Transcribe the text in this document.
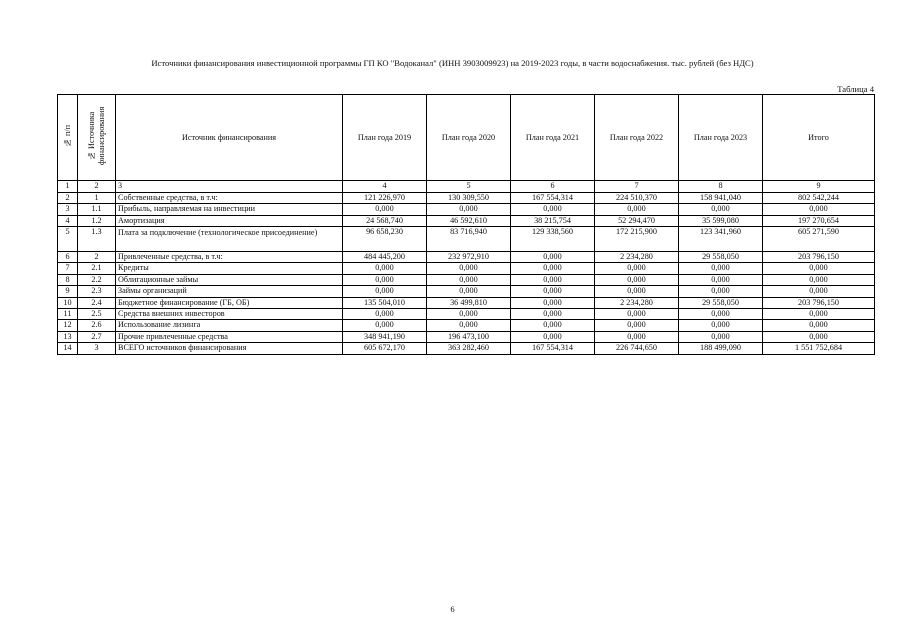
Источники финансирования инвестиционной программы ГП КО "Водоканал" (ИНН 3903009923) на 2019-2023 годы, в части водоснабжения. тыс. рублей (без НДС)
Таблица 4
№ п/п	№ Источника финансирования	Источник финансирования	План года 2019	План года 2020	План года 2021	План года 2022	План года 2023	Итого
1	2	3	4	5	6	7	8	9
2	1	Собственные средства, в т.ч:	121 226,970	130 309,550	167 554,314	224 510,370	158 941,040	802 542,244
3	1.1	Прибыль, направляемая на инвестиции	0,000	0,000	0,000	0,000	0,000	0,000
4	1.2	Амортизация	24 568,740	46 592,610	38 215,754	52 294,470	35 599,080	197 270,654
5	1.3	Плата за подключение (технологическое присоединение)	96 658,230	83 716,940	129 338,560	172 215,900	123 341,960	605 271,590
6	2	Привлеченные средства, в т.ч:	484 445,200	232 972,910	0,000	2 234,280	29 558,050	203 796,150
7	2.1	Кредиты	0,000	0,000	0,000	0,000	0,000	0,000
8	2.2	Облигационные займы	0,000	0,000	0,000	0,000	0,000	0,000
9	2.3	Займы организаций	0,000	0,000	0,000	0,000	0,000	0,000
10	2.4	Бюджетное финансирование (ГБ, ОБ)	135 504,010	36 499,810	0,000	2 234,280	29 558,050	203 796,150
11	2.5	Средства внешних инвесторов	0,000	0,000	0,000	0,000	0,000	0,000
12	2.6	Использование лизинга	0,000	0,000	0,000	0,000	0,000	0,000
13	2.7	Прочие привлеченные средства	348 941,190	196 473,100	0,000	0,000	0,000	0,000
14	3	ВСЕГО источников финансирования	605 672,170	363 282,460	167 554,314	226 744,650	188 499,090	1 551 752,684
6
